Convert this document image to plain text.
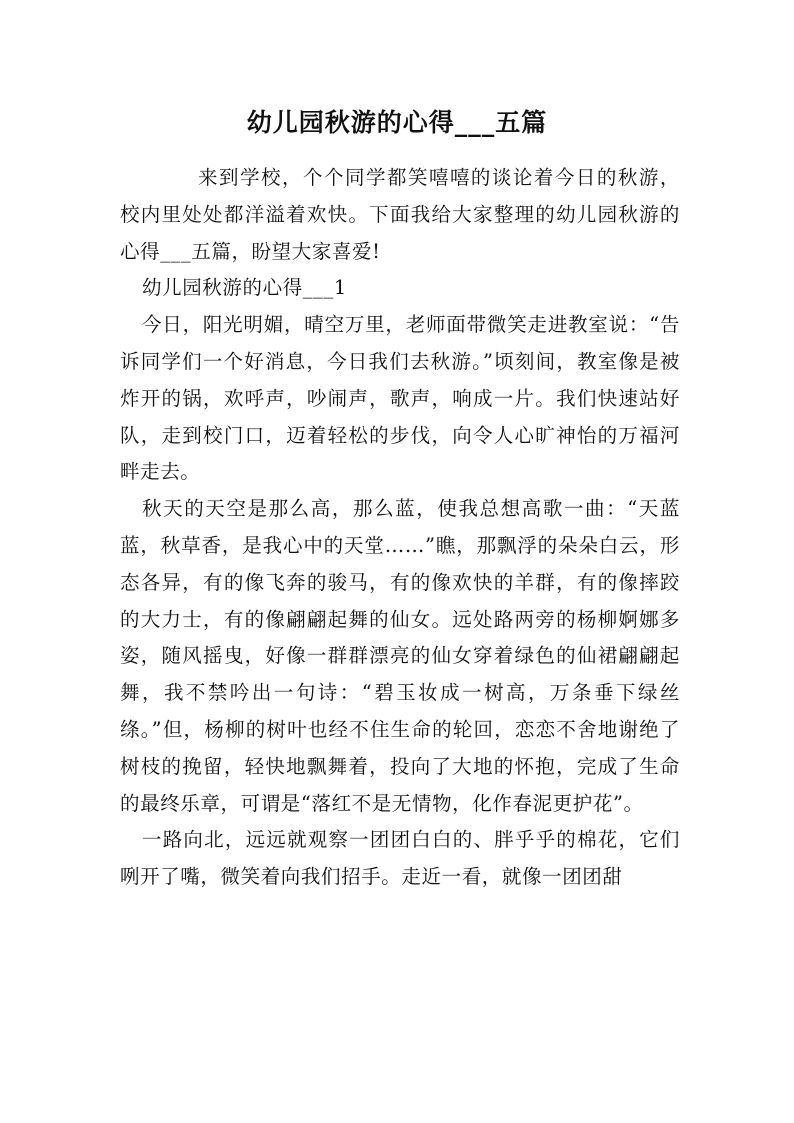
幼儿园秋游的心得___五篇

来到学校，个个同学都笑嘻嘻的谈论着今日的秋游，校内里处处都洋溢着欢快。下面我给大家整理的幼儿园秋游的心得___五篇，盼望大家喜爱!

幼儿园秋游的心得___1

今日，阳光明媚，晴空万里，老师面带微笑走进教室说：“告诉同学们一个好消息，今日我们去秋游。”顷刻间，教室像是被炸开的锅，欢呼声，吵闹声，歌声，响成一片。我们快速站好队，走到校门口，迈着轻松的步伐，向令人心旷神怡的万福河畔走去。

秋天的天空是那么高，那么蓝，使我总想高歌一曲：“天蓝蓝，秋草香，是我心中的天堂……”瞧，那飘浮的朵朵白云，形态各异，有的像飞奔的骏马，有的像欢快的羊群，有的像摔跤的大力士，有的像翩翩起舞的仙女。远处路两旁的杨柳婀娜多姿，随风摇曳，好像一群群漂亮的仙女穿着绿色的仙裙翩翩起舞，我不禁吟出一句诗：“碧玉妆成一树高，万条垂下绿丝绦。”但，杨柳的树叶也经不住生命的轮回，恋恋不舍地谢绝了树枝的挽留，轻快地飘舞着，投向了大地的怀抱，完成了生命的最终乐章，可谓是“落红不是无情物，化作春泥更护花”。

一路向北，远远就观察一团团白白的、胖乎乎的棉花，它们咧开了嘴，微笑着向我们招手。走近一看，就像一团团甜
